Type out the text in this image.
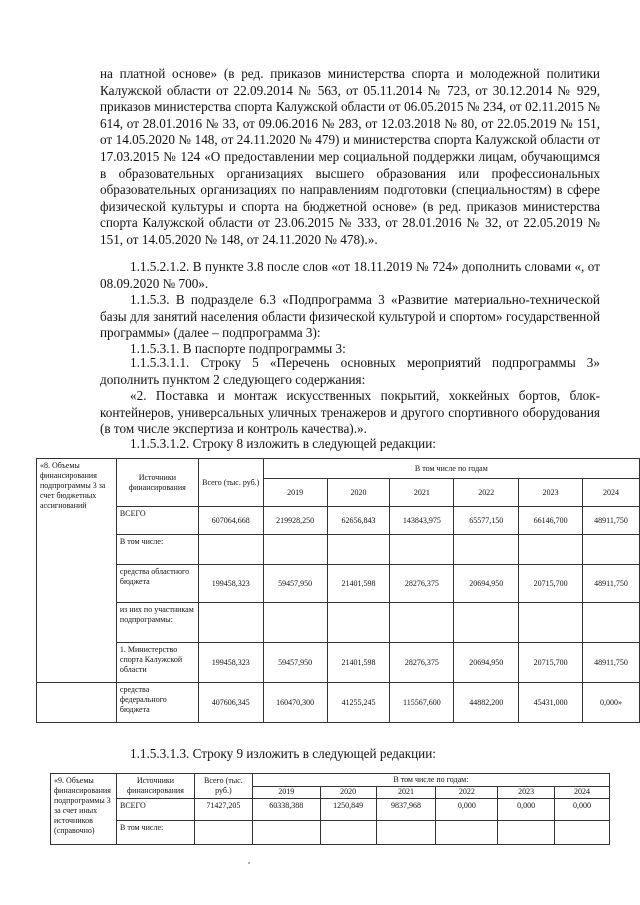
на платной основе» (в ред. приказов министерства спорта и молодежной политики Калужской области от 22.09.2014 № 563, от 05.11.2014 № 723, от 30.12.2014 № 929, приказов министерства спорта Калужской области от 06.05.2015 № 234, от 02.11.2015 № 614, от 28.01.2016 № 33, от 09.06.2016 № 283, от 12.03.2018 № 80, от 22.05.2019 № 151, от 14.05.2020 № 148, от 24.11.2020 № 479) и министерства спорта Калужской области от 17.03.2015 № 124 «О предоставлении мер социальной поддержки лицам, обучающимся в образовательных организациях высшего образования или профессиональных образовательных организациях по направлениям подготовки (специальностям) в сфере физической культуры и спорта на бюджетной основе» (в ред. приказов министерства спорта Калужской области от 23.06.2015 № 333, от 28.01.2016 № 32, от 22.05.2019 № 151, от 14.05.2020 № 148, от 24.11.2020 № 478).».

1.1.5.2.1.2. В пункте 3.8 после слов «от 18.11.2019 № 724» дополнить словами «, от 08.09.2020 № 700».

1.1.5.3. В подразделе 6.3 «Подпрограмма 3 «Развитие материально-технической базы для занятий населения области физической культурой и спортом» государственной программы» (далее – подпрограмма 3):

1.1.5.3.1. В паспорте подпрограммы 3:

1.1.5.3.1.1. Строку 5 «Перечень основных мероприятий подпрограммы 3» дополнить пунктом 2 следующего содержания:

«2. Поставка и монтаж искусственных покрытий, хоккейных бортов, блок-контейнеров, универсальных уличных тренажеров и другого спортивного оборудования (в том числе экспертиза и контроль качества).».

1.1.5.3.1.2. Строку 8 изложить в следующей редакции:

«8. Объемы финансирования подпрограммы 3 за счет бюджетных ассигнований	Источники финансирования	Всего (тыс. руб.)	В том числе по годам					
			2019	2020	2021	2022	2023	2024
	ВСЕГО	607064,668	219928,250	62656,843	143843,975	65577,150	66146,700	48911,750
	В том числе:							
	средства областного бюджета	199458,323	59457,950	21401,598	28276,375	20694,950	20715,700	48911,750
	из них по участникам подпрограммы:							
	1. Министерство спорта Калужской области	199458,323	59457,950	21401,598	28276,375	20694,950	20715,700	48911,750
	средства федерального бюджета	407606,345	160470,300	41255,245	115567,600	44882,200	45431,000	0,000»

1.1.5.3.1.3. Строку 9 изложить в следующей редакции:

«9. Объемы финансирования подпрограммы 3 за счет иных источников (справочно)	Источники финансирования	Всего (тыс. руб.)	В том числе по годам:					
			2019	2020	2021	2022	2023	2024
	ВСЕГО	71427,205	60338,388	1250,849	9837,968	0,000	0,000	0,000
	В том числе:							
